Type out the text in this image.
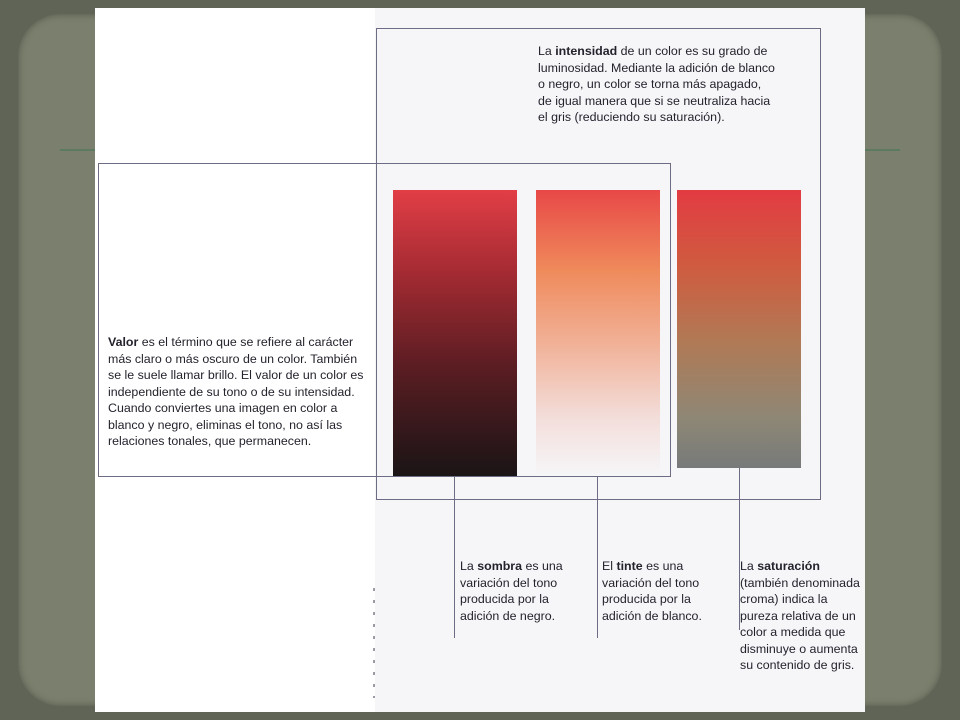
La intensidad de un color es su grado de luminosidad. Mediante la adición de blanco o negro, un color se torna más apagado, de igual manera que si se neutraliza hacia el gris (reduciendo su saturación).

Valor es el término que se refiere al carácter más claro o más oscuro de un color. También se le suele llamar brillo. El valor de un color es independiente de su tono o de su intensidad. Cuando conviertes una imagen en color a blanco y negro, eliminas el tono, no así las relaciones tonales, que permanecen.

La sombra es una variación del tono producida por la adición de negro.

El tinte es una variación del tono producida por la adición de blanco.

La saturación (también denominada croma) indica la pureza relativa de un color a medida que disminuye o aumenta su contenido de gris.
